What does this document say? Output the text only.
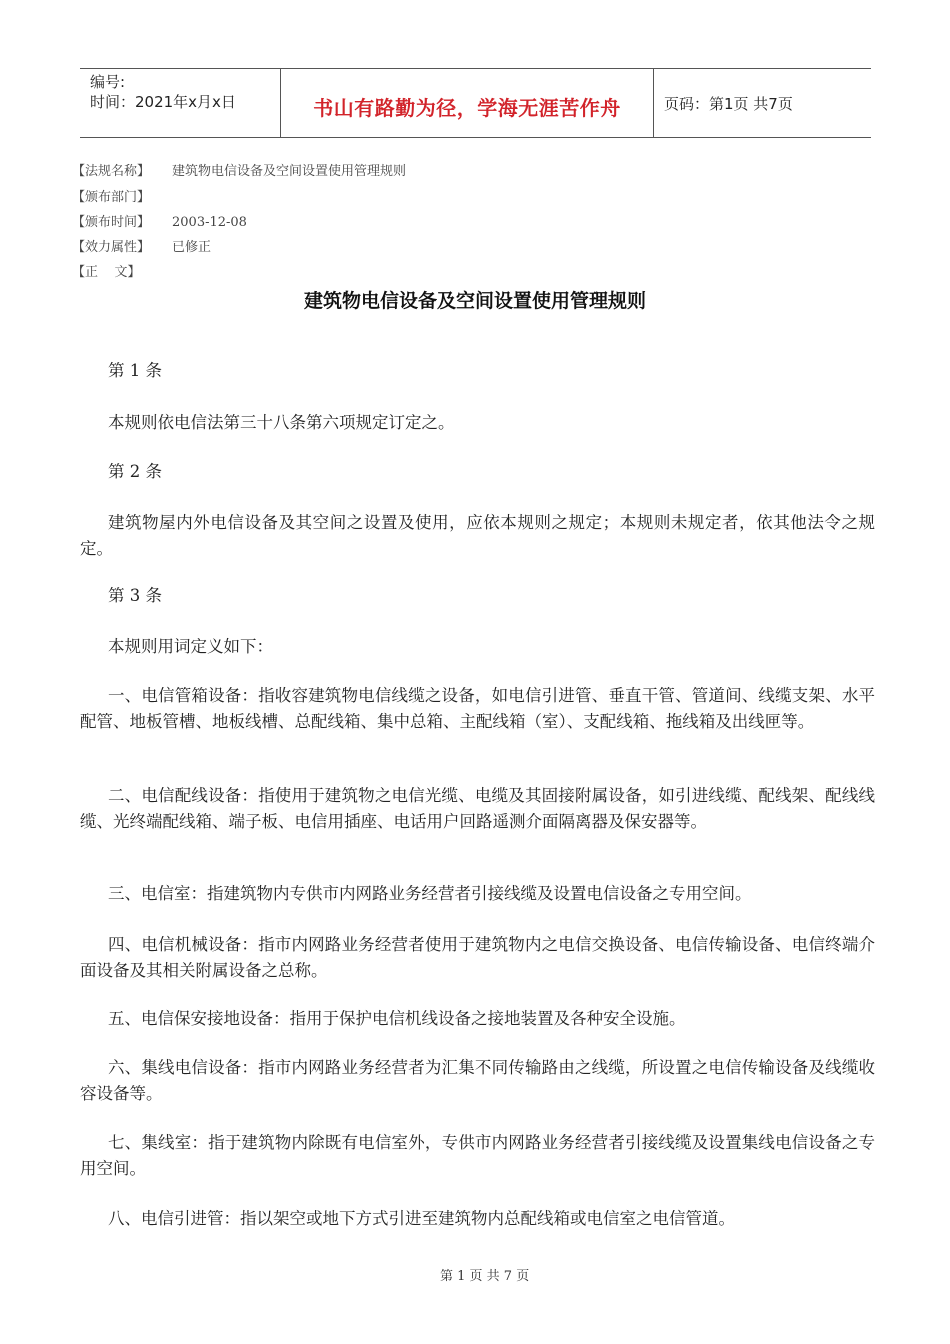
编号:
时间：2021年x月x日	书山有路勤为径，学海无涯苦作舟	页码：第1页 共7页
【法规名称】 建筑物电信设备及空间设置使用管理规则
【颁布部门】
【颁布时间】 2003-12-08
【效力属性】 已修正
【正    文】
建筑物电信设备及空间设置使用管理规则
第 1 条
本规则依电信法第三十八条第六项规定订定之。
第 2 条
建筑物屋内外电信设备及其空间之设置及使用，应依本规则之规定；本规则未规定者，依其他法令之规定。
第 3 条
本规则用词定义如下：
一、电信管箱设备：指收容建筑物电信线缆之设备，如电信引进管、垂直干管、管道间、线缆支架、水平配管、地板管槽、地板线槽、总配线箱、集中总箱、主配线箱（室）、支配线箱、拖线箱及出线匣等。
二、电信配线设备：指使用于建筑物之电信光缆、电缆及其固接附属设备，如引进线缆、配线架、配线线缆、光终端配线箱、端子板、电信用插座、电话用户回路遥测介面隔离器及保安器等。
三、电信室：指建筑物内专供市内网路业务经营者引接线缆及设置电信设备之专用空间。
四、电信机械设备：指市内网路业务经营者使用于建筑物内之电信交换设备、电信传输设备、电信终端介面设备及其相关附属设备之总称。
五、电信保安接地设备：指用于保护电信机线设备之接地装置及各种安全设施。
六、集线电信设备：指市内网路业务经营者为汇集不同传输路由之线缆，所设置之电信传输设备及线缆收容设备等。
七、集线室：指于建筑物内除既有电信室外，专供市内网路业务经营者引接线缆及设置集线电信设备之专用空间。
八、电信引进管：指以架空或地下方式引进至建筑物内总配线箱或电信室之电信管道。
第 1 页 共 7 页
